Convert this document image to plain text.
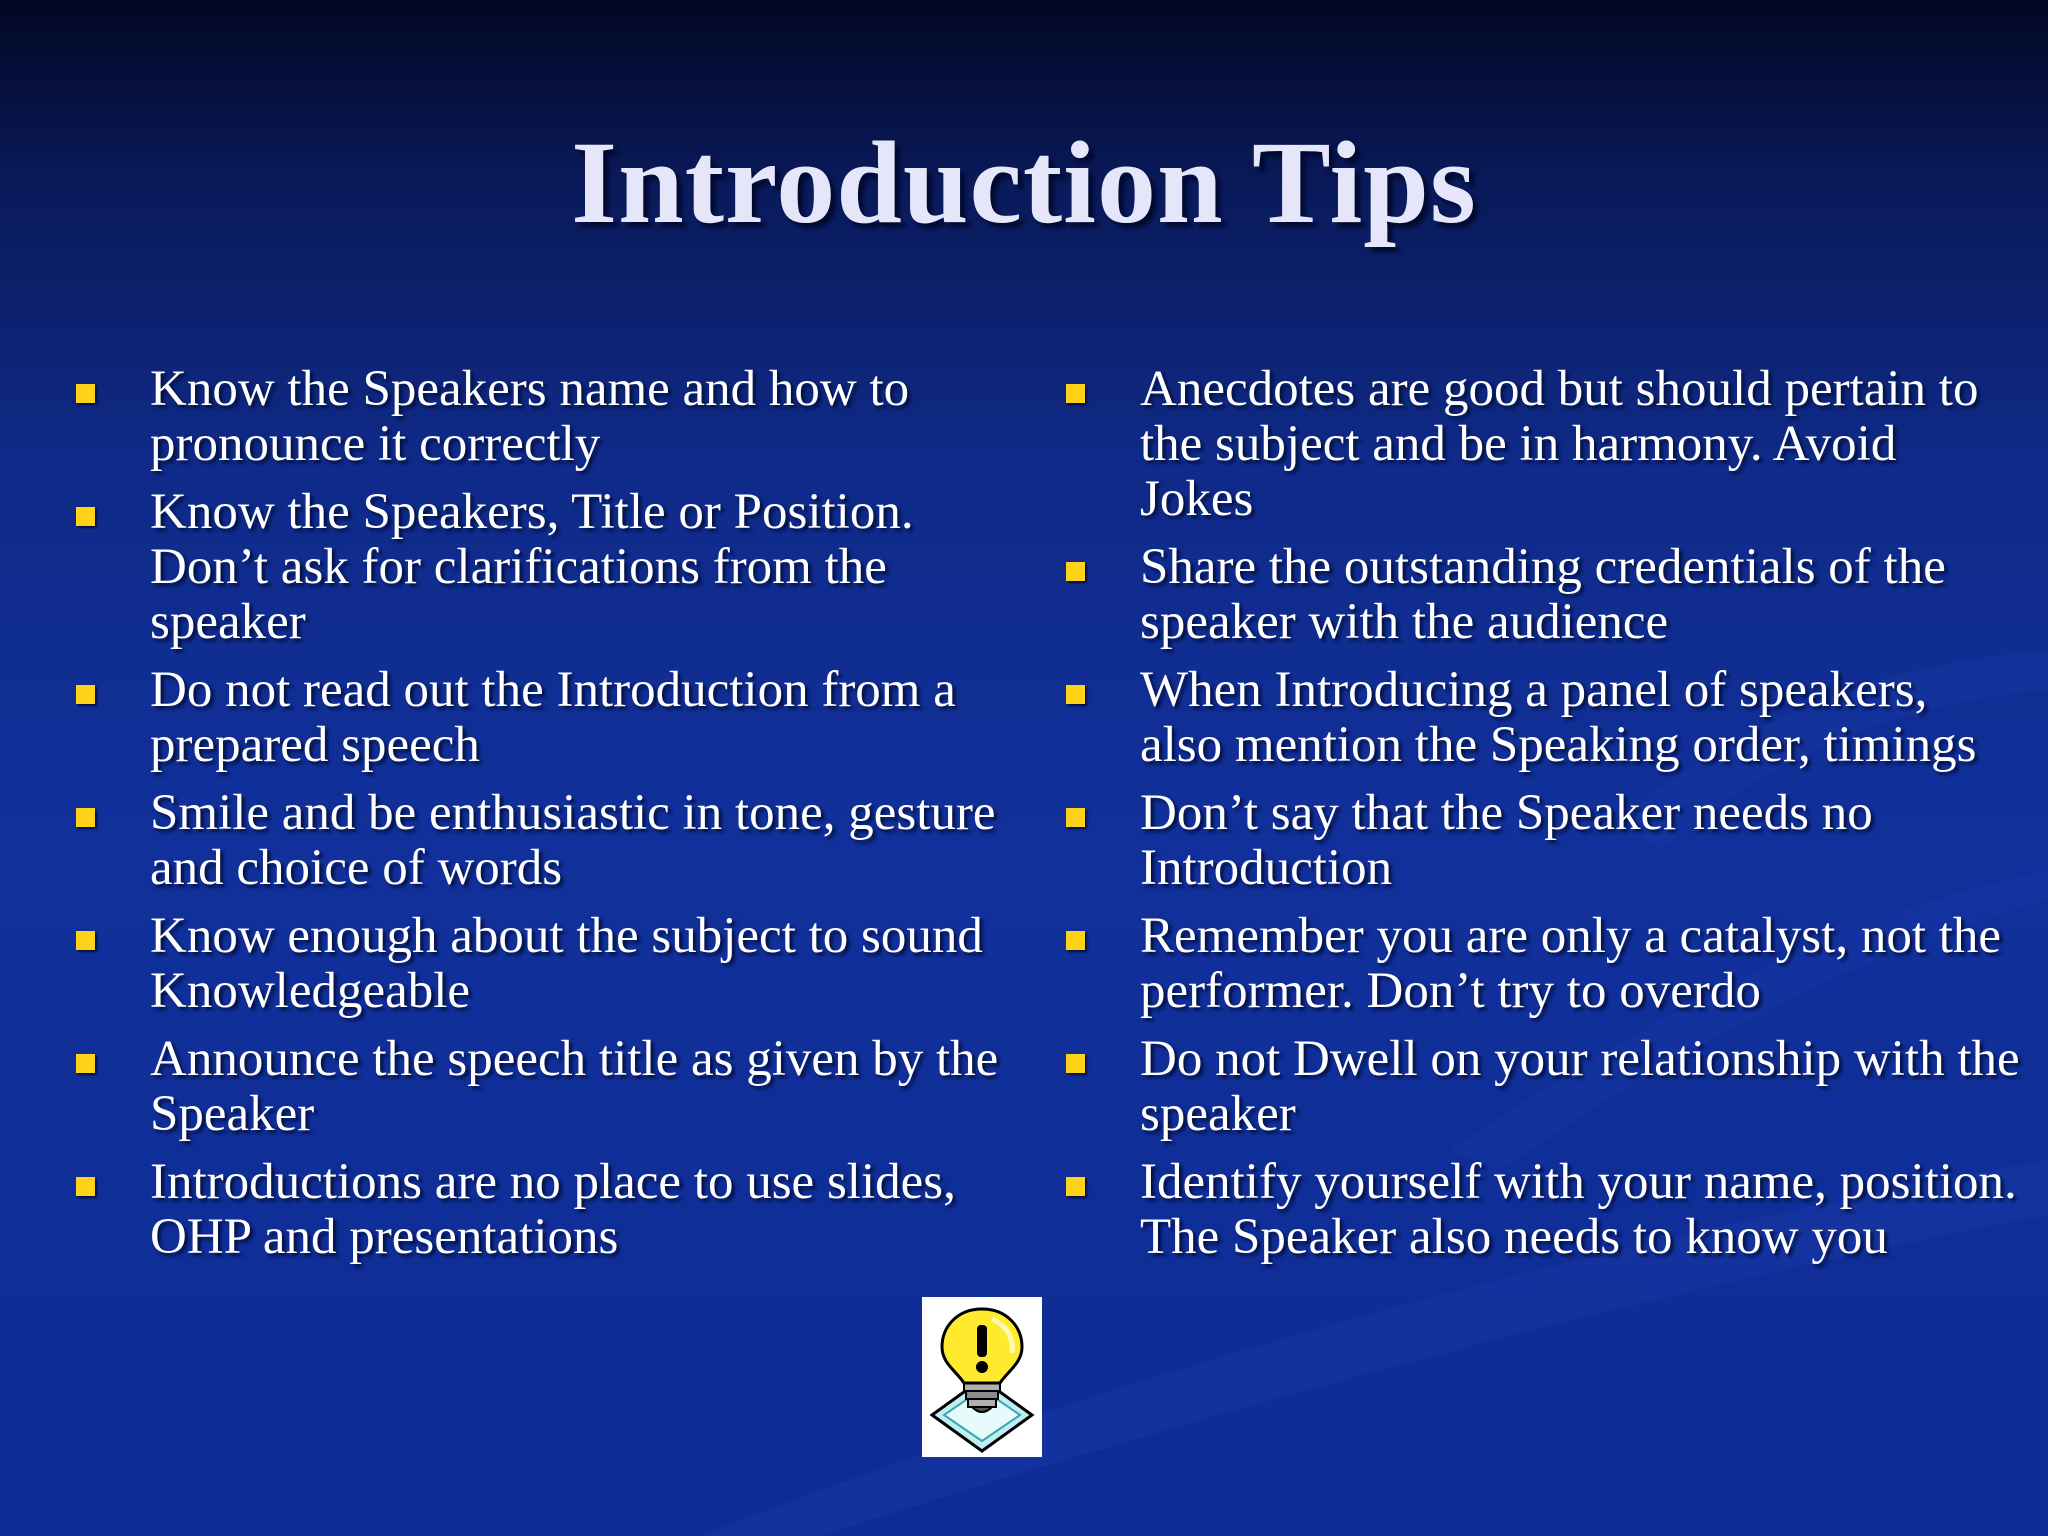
Introduction Tips
Know the Speakers name and how to pronounce it correctly
Know the Speakers, Title or Position. Don’t ask for clarifications from the speaker
Do not read out the Introduction from a prepared speech
Smile and be enthusiastic in tone, gesture and choice of words
Know enough about the subject to sound Knowledgeable
Announce the speech title as given by the Speaker
Introductions are no place to use slides, OHP and presentations
Anecdotes are good but should pertain to the subject and be in harmony. Avoid Jokes
Share the outstanding credentials of the speaker with the audience
When Introducing a panel of speakers, also mention the Speaking order, timings
Don’t say that the Speaker needs no Introduction
Remember you are only a catalyst, not the performer. Don’t try to overdo
Do not Dwell on your relationship with the speaker
Identify yourself with your name, position. The Speaker also needs to know you
